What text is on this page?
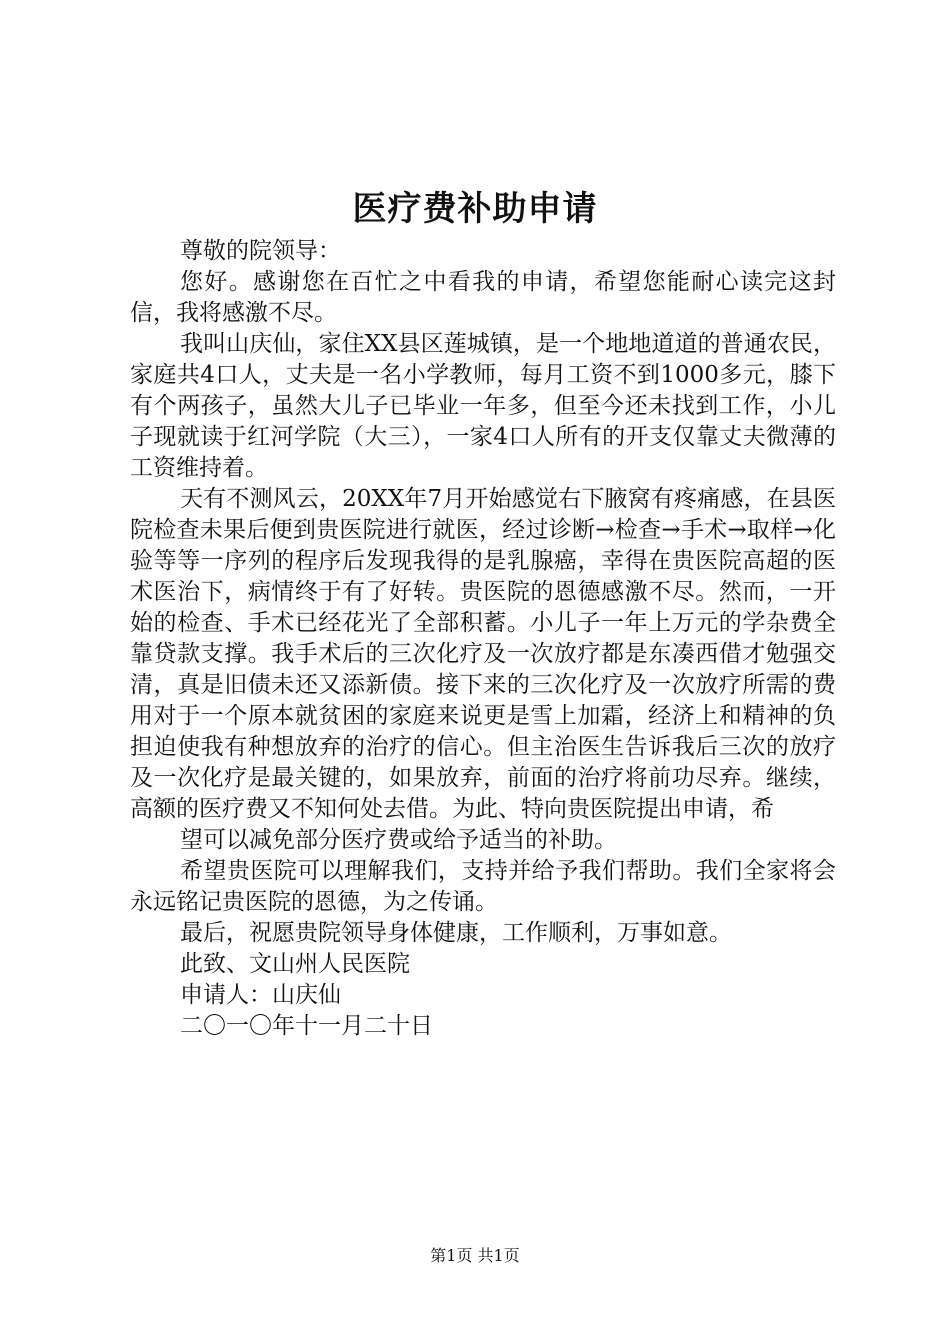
医疗费补助申请

尊敬的院领导：

您好。感谢您在百忙之中看我的申请，希望您能耐心读完这封信，我将感激不尽。

我叫山庆仙，家住XX县区莲城镇，是一个地地道道的普通农民，家庭共4口人，丈夫是一名小学教师，每月工资不到1000多元，膝下有个两孩子，虽然大儿子已毕业一年多，但至今还未找到工作，小儿子现就读于红河学院（大三），一家4口人所有的开支仅靠丈夫微薄的工资维持着。

天有不测风云，20XX年7月开始感觉右下腋窝有疼痛感，在县医院检查未果后便到贵医院进行就医，经过诊断→检查→手术→取样→化验等等一序列的程序后发现我得的是乳腺癌，幸得在贵医院高超的医术医治下，病情终于有了好转。贵医院的恩德感激不尽。然而，一开始的检查、手术已经花光了全部积蓄。小儿子一年上万元的学杂费全靠贷款支撑。我手术后的三次化疗及一次放疗都是东凑西借才勉强交清，真是旧债未还又添新债。接下来的三次化疗及一次放疗所需的费用对于一个原本就贫困的家庭来说更是雪上加霜，经济上和精神的负担迫使我有种想放弃的治疗的信心。但主治医生告诉我后三次的放疗及一次化疗是最关键的，如果放弃，前面的治疗将前功尽弃。继续，高额的医疗费又不知何处去借。为此、特向贵医院提出申请，希

望可以减免部分医疗费或给予适当的补助。

希望贵医院可以理解我们，支持并给予我们帮助。我们全家将会永远铭记贵医院的恩德，为之传诵。

最后，祝愿贵院领导身体健康，工作顺利，万事如意。

此致、文山州人民医院

申请人：山庆仙

二〇一〇年十一月二十日

第1页 共1页
